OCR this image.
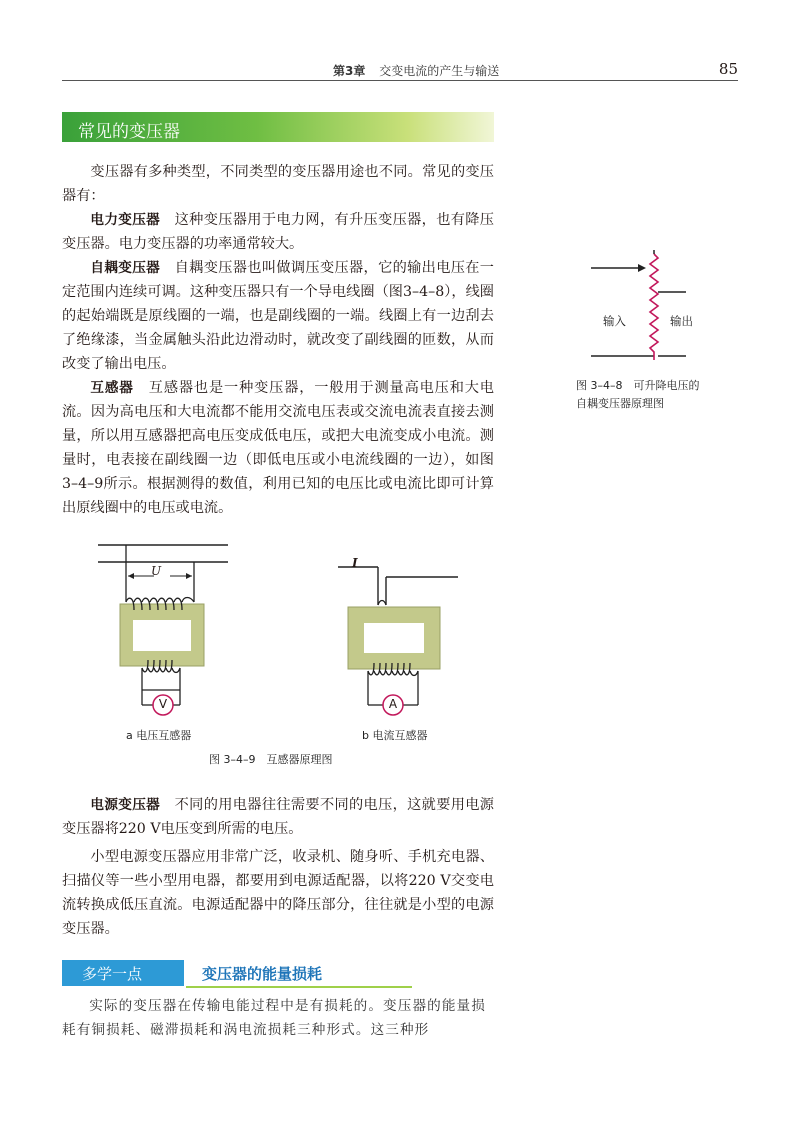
第3章 交变电流的产生与输送	85
常见的变压器

变压器有多种类型，不同类型的变压器用途也不同。常见的变压器有：

电力变压器　 这种变压器用于电力网，有升压变压器，也有降压变压器。电力变压器的功率通常较大。

自耦变压器　 自耦变压器也叫做调压变压器，它的输出电压在一定范围内连续可调。这种变压器只有一个导电线圈（图3–4–8），线圈的起始端既是原线圈的一端，也是副线圈的一端。线圈上有一边刮去了绝缘漆，当金属触头沿此边滑动时，就改变了副线圈的匝数，从而改变了输出电压。

互感器　 互感器也是一种变压器，一般用于测量高电压和大电流。因为高电压和大电流都不能用交流电压表或交流电流表直接去测量，所以用互感器把高电压变成低电压，或把大电流变成小电流。测量时，电表接在副线圈一边（即低电压或小电流线圈的一边），如图3–4–9所示。根据测得的数值，利用已知的电压比或电流比即可计算出原线圈中的电压或电流。

输入	输出
图 3–4–8　可升降电压的
自耦变压器原理图
U
V
I
A
a 电压互感器	b 电流互感器
图 3–4–9　互感器原理图

电源变压器　 不同的用电器往往需要不同的电压，这就要用电源变压器将220 V电压变到所需的电压。

小型电源变压器应用非常广泛，收录机、随身听、手机充电器、扫描仪等一些小型用电器，都要用到电源适配器，以将220 V交变电流转换成低压直流。电源适配器中的降压部分，往往就是小型的电源变压器。

多学一点	变压器的能量损耗

实际的变压器在传输电能过程中是有损耗的。变压器的能量损耗有铜损耗、磁滞损耗和涡电流损耗三种形式。这三种形
